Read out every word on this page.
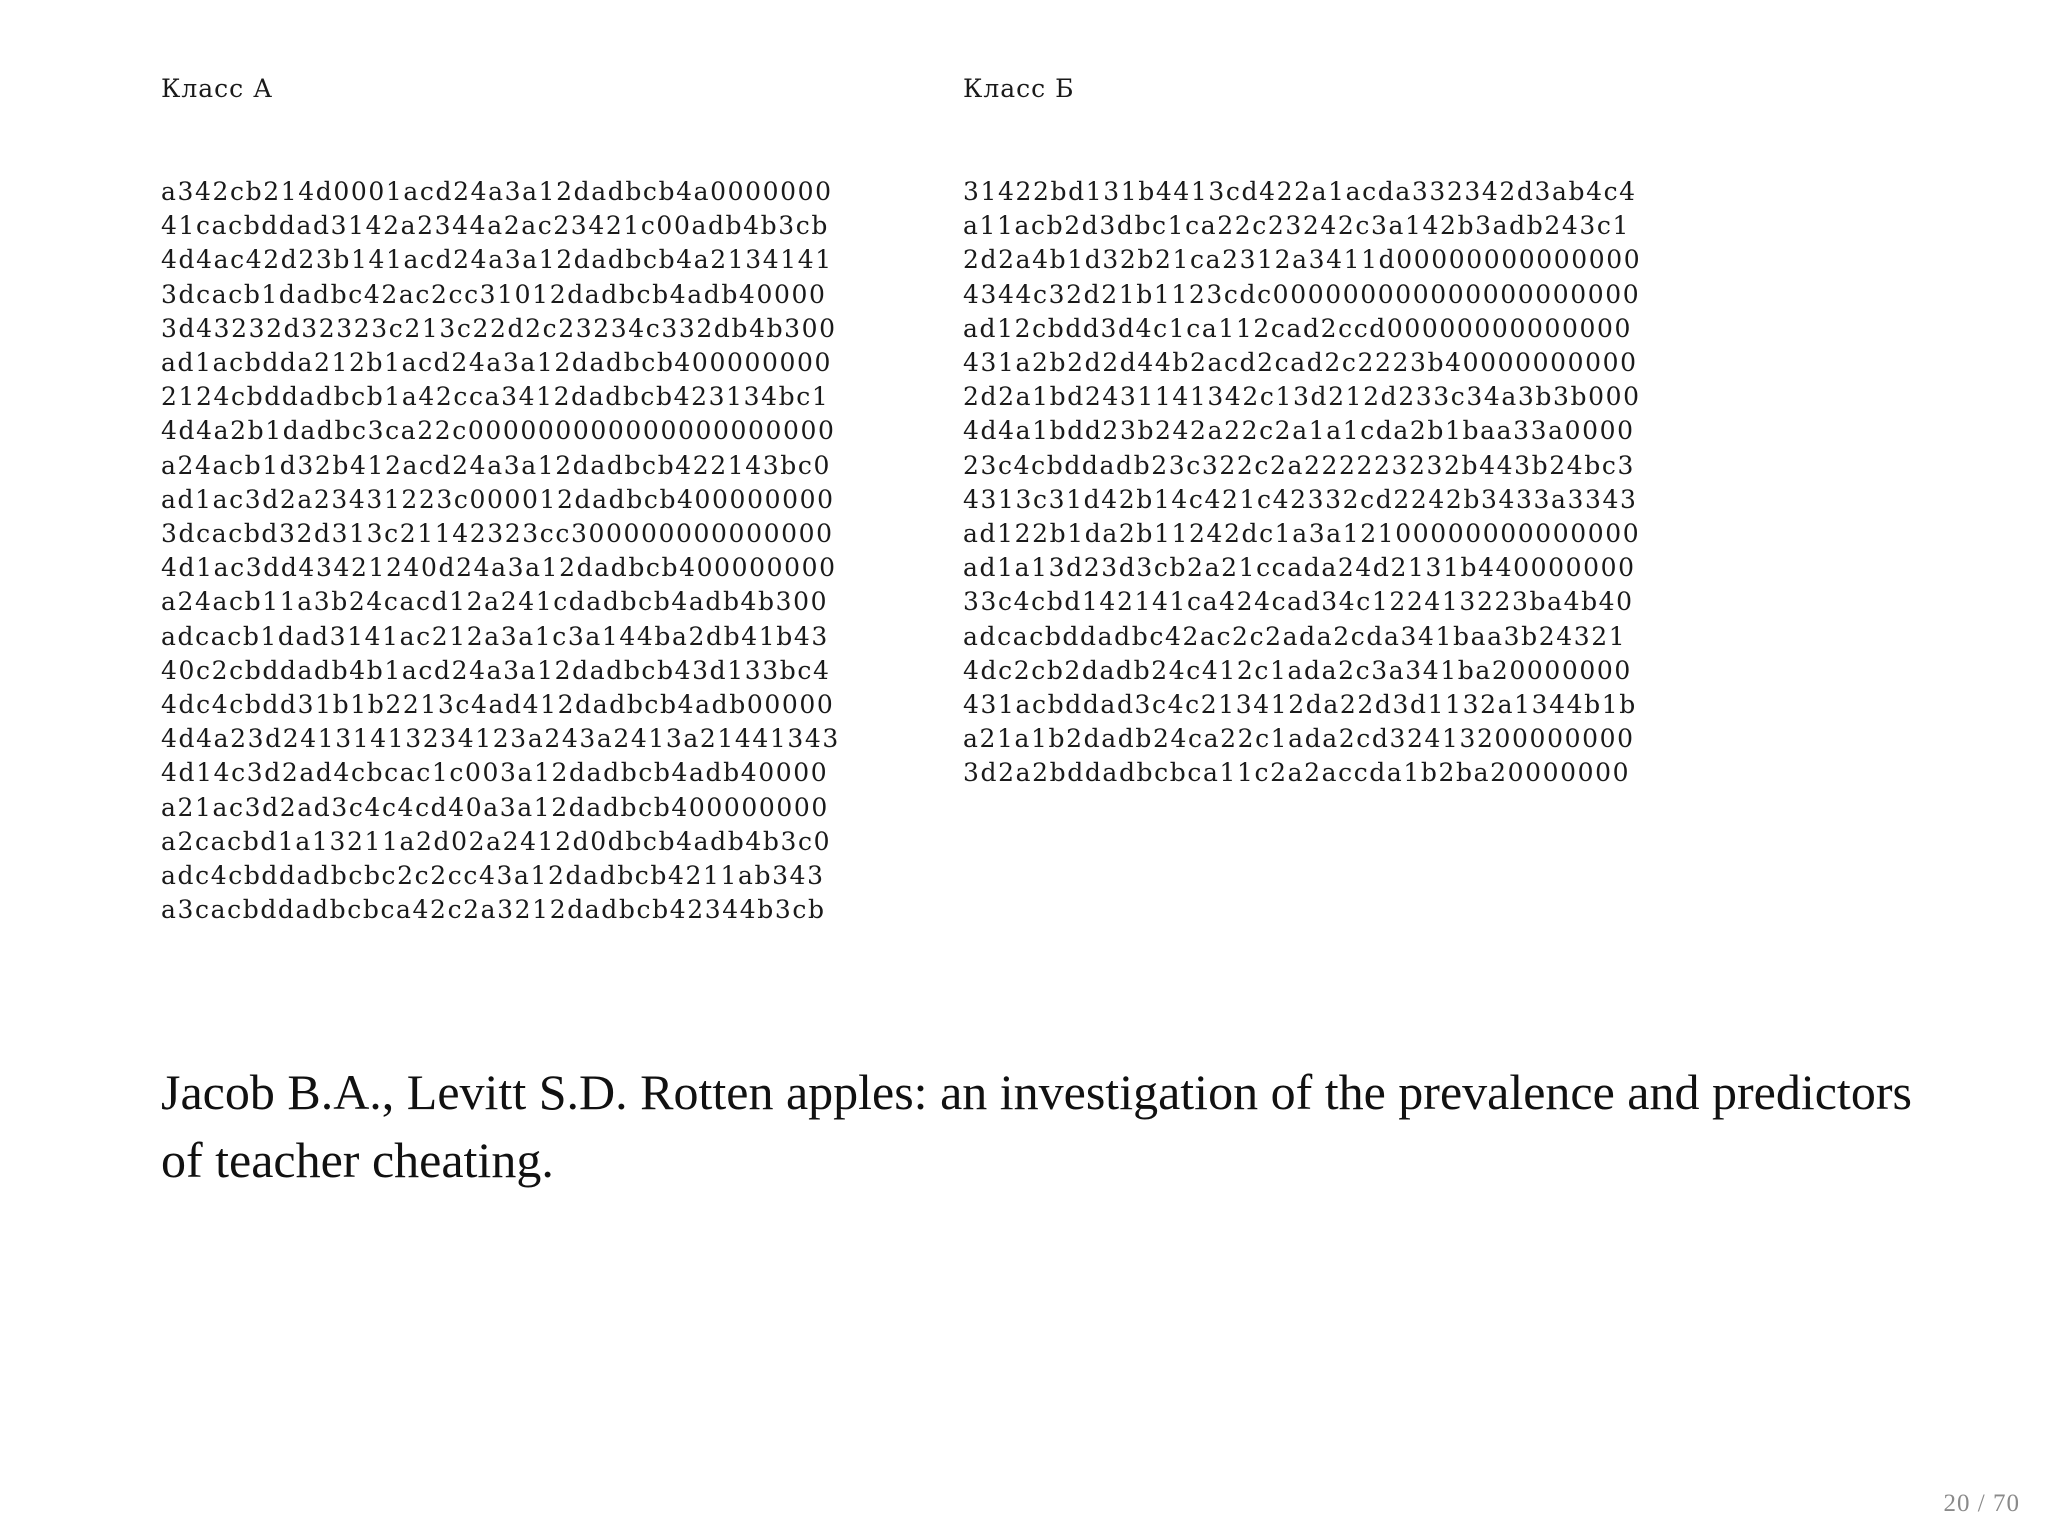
Класс А
a342cb214d0001acd24a3a12dadbcb4a0000000
41cacbddad3142a2344a2ac23421c00adb4b3cb
4d4ac42d23b141acd24a3a12dadbcb4a2134141
3dcacb1dadbc42ac2cc31012dadbcb4adb40000
3d43232d32323c213c22d2c23234c332db4b300
ad1acbdda212b1acd24a3a12dadbcb400000000
2124cbddadbcb1a42cca3412dadbcb423134bc1
4d4a2b1dadbc3ca22c000000000000000000000
a24acb1d32b412acd24a3a12dadbcb422143bc0
ad1ac3d2a23431223c000012dadbcb400000000
3dcacbd32d313c21142323cc300000000000000
4d1ac3dd43421240d24a3a12dadbcb400000000
a24acb11a3b24cacd12a241cdadbcb4adb4b300
adcacb1dad3141ac212a3a1c3a144ba2db41b43
40c2cbddadb4b1acd24a3a12dadbcb43d133bc4
4dc4cbdd31b1b2213c4ad412dadbcb4adb00000
4d4a23d24131413234123a243a2413a21441343
4d14c3d2ad4cbcac1c003a12dadbcb4adb40000
a21ac3d2ad3c4c4cd40a3a12dadbcb400000000
a2cacbd1a13211a2d02a2412d0dbcb4adb4b3c0
adc4cbddadbcbc2c2cc43a12dadbcb4211ab343
a3cacbddadbcbca42c2a3212dadbcb42344b3cb
Класс Б
31422bd131b4413cd422a1acda332342d3ab4c4
a11acb2d3dbc1ca22c23242c3a142b3adb243c1
2d2a4b1d32b21ca2312a3411d00000000000000
4344c32d21b1123cdc000000000000000000000
ad12cbdd3d4c1ca112cad2ccd00000000000000
431a2b2d2d44b2acd2cad2c2223b40000000000
2d2a1bd2431141342c13d212d233c34a3b3b000
4d4a1bdd23b242a22c2a1a1cda2b1baa33a0000
23c4cbddadb23c322c2a222223232b443b24bc3
4313c31d42b14c421c42332cd2242b3433a3343
ad122b1da2b11242dc1a3a12100000000000000
ad1a13d23d3cb2a21ccada24d2131b440000000
33c4cbd142141ca424cad34c122413223ba4b40
adcacbddadbc42ac2c2ada2cda341baa3b24321
4dc2cb2dadb24c412c1ada2c3a341ba20000000
431acbddad3c4c213412da22d3d1132a1344b1b
a21a1b2dadb24ca22c1ada2cd32413200000000
3d2a2bddadbcbca11c2a2accda1b2ba20000000

Jacob B.A., Levitt S.D. Rotten apples: an investigation of the prevalence and predictors of teacher cheating.

20 / 70
